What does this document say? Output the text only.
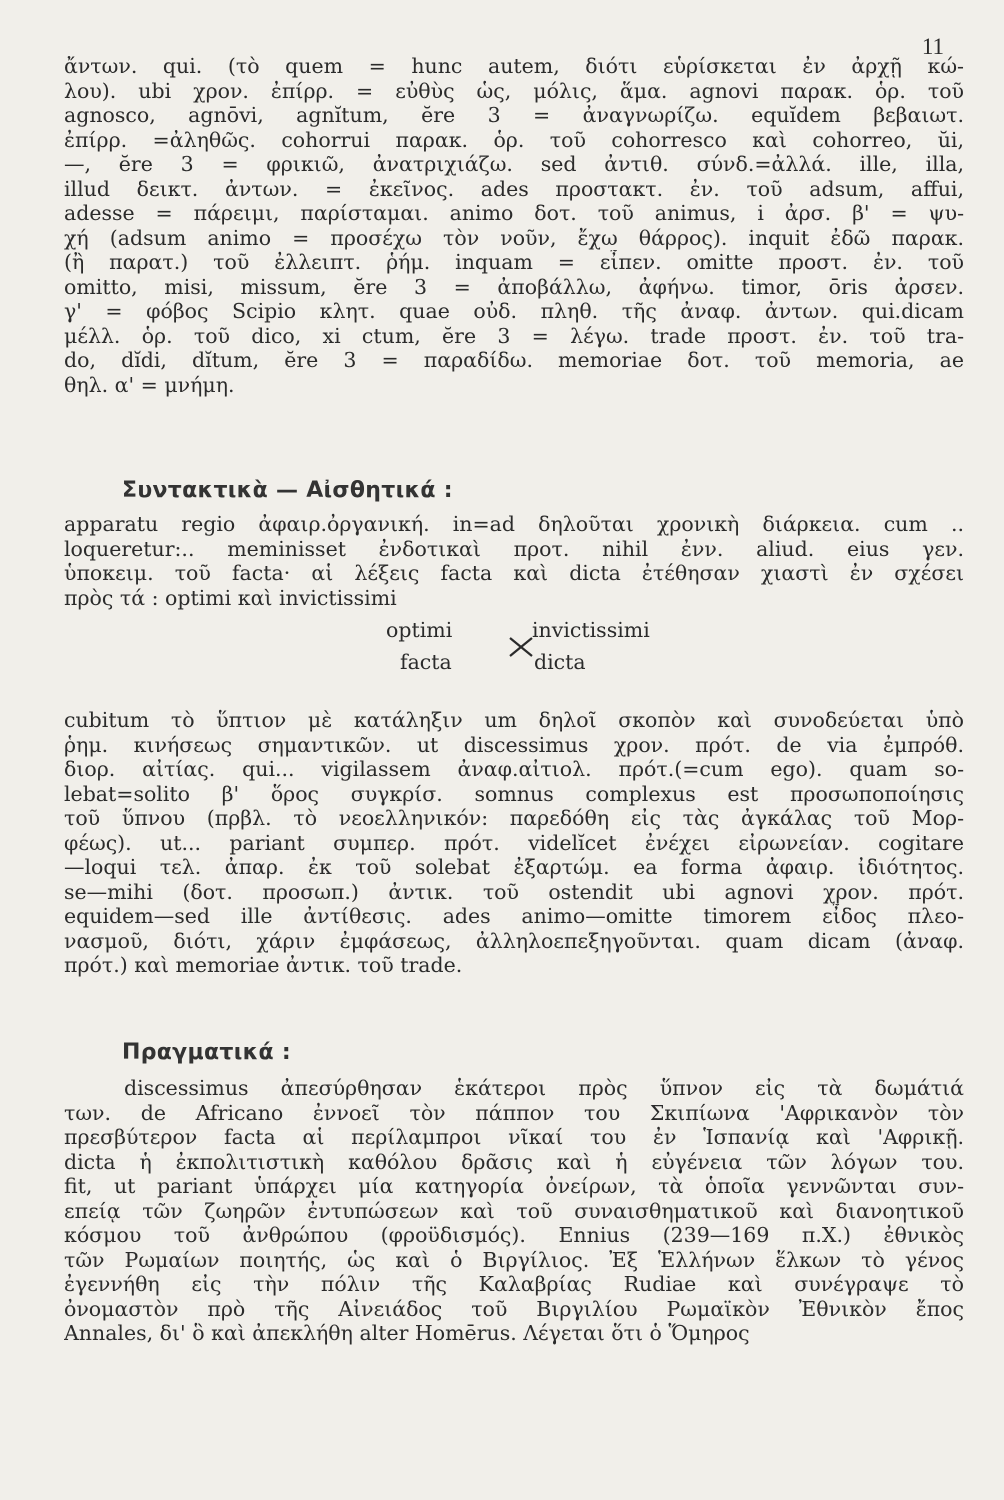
11
ἄντων. qui. (τὸ quem = hunc autem, διότι εὑρίσκεται ἐν ἀρχῇ κώ-
λου). ubi χρον. ἐπίρρ. = εὐθὺς ὡς, μόλις, ἅμα. agnovi παρακ. ὁρ. τοῦ
agnosco, agnōvi, agnĭtum, ĕre 3 = ἀναγνωρίζω. equĭdem βεβαιωτ.
ἐπίρρ. =ἀληθῶς. cohorrui παρακ. ὁρ. τοῦ cohorresco καὶ cohorreo, ŭi,
—, ĕre 3 = φρικιῶ, ἀνατριχιάζω. sed ἀντιθ. σύνδ.=ἀλλά. ille, illa,
illud δεικτ. ἀντων. = ἐκεῖνος. ades προστακτ. ἐν. τοῦ adsum, affui,
adesse = πάρειμι, παρίσταμαι. animo δοτ. τοῦ animus, i ἀρσ. β' = ψυ-
χή (adsum animo = προσέχω τὸν νοῦν, ἔχω θάρρος). inquit ἐδῶ παρακ.
(ἢ παρατ.) τοῦ ἐλλειπτ. ῥήμ. inquam = εἶπεν. omitte προστ. ἐν. τοῦ
omitto, misi, missum, ĕre 3 = ἀποβάλλω, ἀφήνω. timor, ōris ἀρσεν.
γ' = φόβος Scipio κλητ. quae οὐδ. πληθ. τῆς ἀναφ. ἀντων. qui.dicam
μέλλ. ὁρ. τοῦ dico, xi ctum, ĕre 3 = λέγω. trade προστ. ἐν. τοῦ tra-
do, dĭdi, dĭtum, ĕre 3 = παραδίδω. memoriae δοτ. τοῦ memoria, ae
θηλ. α' = μνήμη.
Συντακτικὰ — Αἰσθητικά :
apparatu regio ἀφαιρ.ὀργανική. in=ad δηλοῦται χρονικὴ διάρκεια. cum ..
loqueretur:.. meminisset ἐνδοτικαὶ προτ. nihil ἐνν. aliud. eius γεν.
ὑποκειμ. τοῦ facta· αἱ λέξεις facta καὶ dicta ἐτέθησαν χιαστὶ ἐν σχέσει
πρὸς τά : optimi καὶ invictissimi
optimi	invictissimi
facta	dicta
cubitum τὸ ὕπτιον μὲ κατάληξιν um δηλοῖ σκοπὸν καὶ συνοδεύεται ὑπὸ
ῥημ. κινήσεως σημαντικῶν. ut discessimus χρον. πρότ. de via ἐμπρόθ.
διορ. αἰτίας. qui... vigilassem ἀναφ.αἰτιολ. πρότ.(=cum ego). quam so-
lebat=solito β' ὅρος συγκρίσ. somnus complexus est προσωποποίησις
τοῦ ὕπνου (πρβλ. τὸ νεοελληνικόν: παρεδόθη εἰς τὰς ἀγκάλας τοῦ Μορ-
φέως). ut... pariant συμπερ. πρότ. videlĭcet ἐνέχει εἰρωνείαν. cogitare
—loqui τελ. ἀπαρ. ἐκ τοῦ solebat ἐξαρτώμ. ea forma ἀφαιρ. ἰδιότητος.
se—mihi (δοτ. προσωπ.) ἀντικ. τοῦ ostendit ubi agnovi χρον. πρότ.
equidem—sed ille ἀντίθεσις. ades animo—omitte timorem εἶδος πλεο-
νασμοῦ, διότι, χάριν ἐμφάσεως, ἀλληλοεπεξηγοῦνται. quam dicam (ἀναφ.
πρότ.) καὶ memoriae ἀντικ. τοῦ trade.
Πραγματικά :
discessimus ἀπεσύρθησαν ἑκάτεροι πρὸς ὕπνον εἰς τὰ δωμάτιά
των. de Africano ἐννοεῖ τὸν πάππον του Σκιπίωνα 'Αφρικανὸν τὸν
πρεσβύτερον facta αἱ περίλαμπροι νῖκαί του ἐν Ἱσπανίᾳ καὶ 'Αφρικῇ.
dicta ἡ ἐκπολιτιστικὴ καθόλου δρᾶσις καὶ ἡ εὐγένεια τῶν λόγων του.
fit, ut pariant ὑπάρχει μία κατηγορία ὀνείρων, τὰ ὁποῖα γεννῶνται συν-
επείᾳ τῶν ζωηρῶν ἐντυπώσεων καὶ τοῦ συναισθηματικοῦ καὶ διανοητικοῦ
κόσμου τοῦ ἀνθρώπου (φροϋδισμός). Ennius (239—169 π.Χ.) ἐθνικὸς
τῶν Ρωμαίων ποιητής, ὡς καὶ ὁ Βιργίλιος. Ἐξ Ἑλλήνων ἕλκων τὸ γένος
ἐγεννήθη εἰς τὴν πόλιν τῆς Καλαβρίας Rudiae καὶ συνέγραψε τὸ
ὀνομαστὸν πρὸ τῆς Αἰνειάδος τοῦ Βιργιλίου Ρωμαϊκὸν Ἐθνικὸν ἔπος
Annales, δι' ὃ καὶ ἀπεκλήθη alter Homērus. Λέγεται ὅτι ὁ Ὅμηρος
